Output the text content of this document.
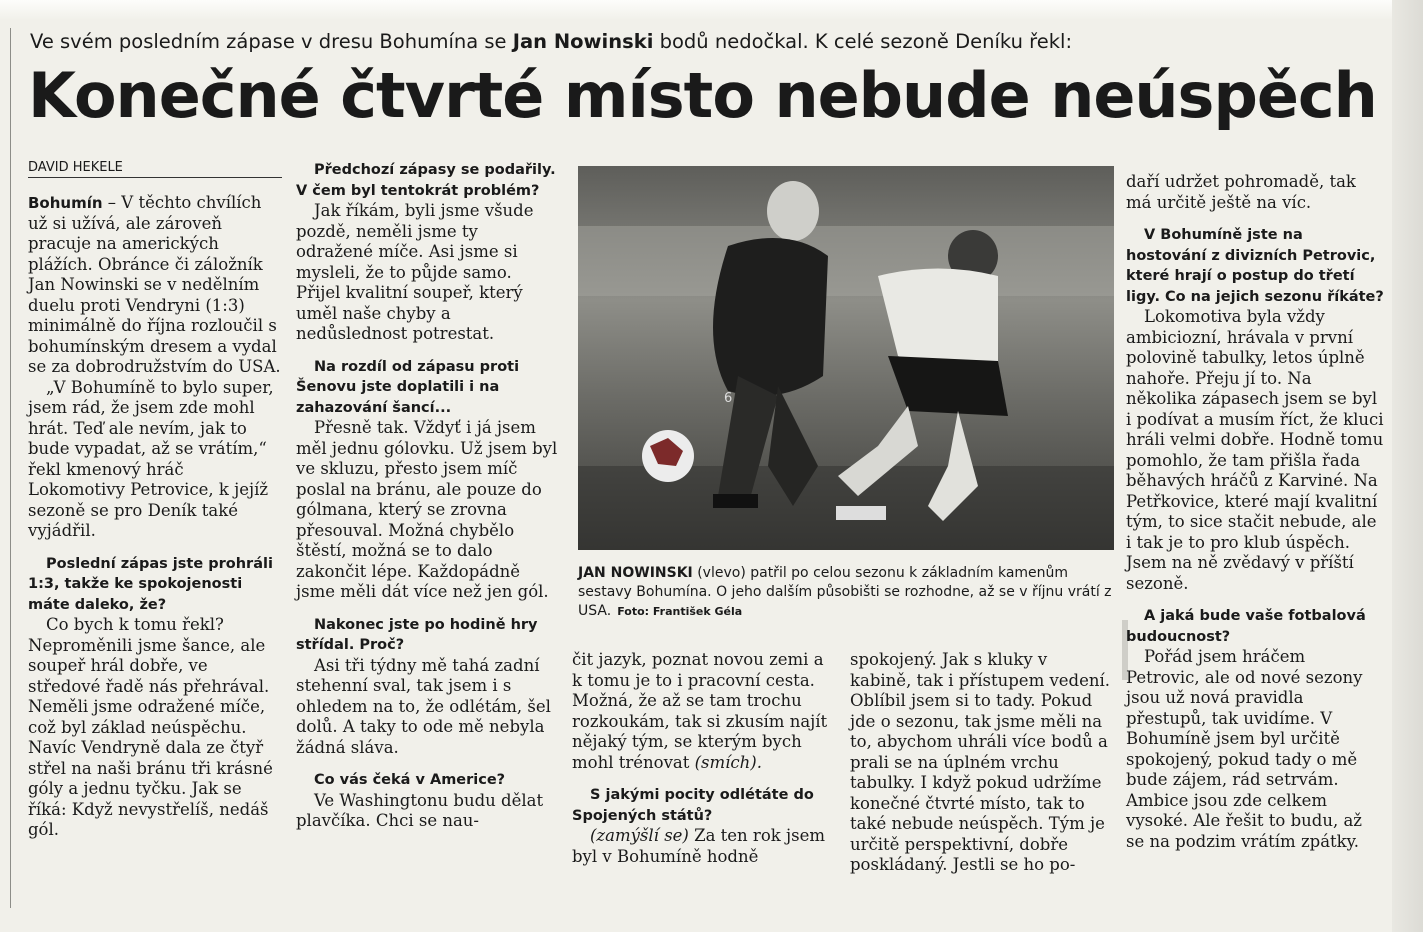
Ve svém posledním zápase v dresu Bohumína se Jan Nowinski bodů nedočkal. K celé sezoně Deníku řekl:
Konečné čtvrté místo nebude neúspěch
DAVID HEKELE

Bohumín – V těchto chvílích už si užívá, ale zároveň pracuje na amerických plážích. Obránce či záložník Jan Nowinski se v nedělním duelu proti Vendryni (1:3) minimálně do října rozloučil s bohumínským dresem a vydal se za dobrodružstvím do USA.

„V Bohumíně to bylo super, jsem rád, že jsem zde mohl hrát. Teď ale nevím, jak to bude vypadat, až se vrátím,“ řekl kmenový hráč Lokomotivy Petrovice, k jejíž sezoně se pro Deník také vyjádřil.

Poslední zápas jste prohráli 1:3, takže ke spokojenosti máte daleko, že?

Co bych k tomu řekl? Neproměnili jsme šance, ale soupeř hrál dobře, ve středové řadě nás přehrával. Neměli jsme odražené míče, což byl základ neúspěchu. Navíc Vendryně dala ze čtyř střel na naši bránu tři krásné góly a jednu tyčku. Jak se říká: Když nevystřelíš, nedáš gól.

Předchozí zápasy se podařily. V čem byl tentokrát problém?

Jak říkám, byli jsme všude pozdě, neměli jsme ty odražené míče. Asi jsme si mysleli, že to půjde samo. Přijel kvalitní soupeř, který uměl naše chyby a nedůslednost potrestat.

Na rozdíl od zápasu proti Šenovu jste doplatili i na zahazování šancí...

Přesně tak. Vždyť i já jsem měl jednu gólovku. Už jsem byl ve skluzu, přesto jsem míč poslal na bránu, ale pouze do gólmana, který se zrovna přesouval. Možná chybělo štěstí, možná se to dalo zakončit lépe. Každopádně jsme měli dát více než jen gól.

Nakonec jste po hodině hry střídal. Proč?

Asi tři týdny mě tahá zadní stehenní sval, tak jsem i s ohledem na to, že odlétám, šel dolů. A taky to ode mě nebyla žádná sláva.

Co vás čeká v Americe?

Ve Washingtonu budu dělat plavčíka. Chci se nau-

6
JAN NOWINSKI (vlevo) patřil po celou sezonu k základním kamenům sestavy Bohumína. O jeho dalším působišti se rozhodne, až se v říjnu vrátí z USA. Foto: František Géla

čit jazyk, poznat novou zemi a k tomu je to i pracovní cesta. Možná, že až se tam trochu rozkoukám, tak si zkusím najít nějaký tým, se kterým bych mohl trénovat (smích).

S jakými pocity odlétáte do Spojených států?

(zamýšlí se) Za ten rok jsem byl v Bohumíně hodně

spokojený. Jak s kluky v kabině, tak i přístupem vedení. Oblíbil jsem si to tady. Pokud jde o sezonu, tak jsme měli na to, abychom uhráli více bodů a prali se na úplném vrchu tabulky. I když pokud udržíme konečné čtvrté místo, tak to také nebude neúspěch. Tým je určitě perspektivní, dobře poskládaný. Jestli se ho po-

daří udržet pohromadě, tak má určitě ještě na víc.

V Bohumíně jste na hostování z divizních Petrovic, které hrají o postup do třetí ligy. Co na jejich sezonu říkáte?

Lokomotiva byla vždy ambiciozní, hrávala v první polovině tabulky, letos úplně nahoře. Přeju jí to. Na několika zápasech jsem se byl i podívat a musím říct, že kluci hráli velmi dobře. Hodně tomu pomohlo, že tam přišla řada běhavých hráčů z Karviné. Na Petřkovice, které mají kvalitní tým, to sice stačit nebude, ale i tak je to pro klub úspěch. Jsem na ně zvědavý v příští sezoně.

A jaká bude vaše fotbalová budoucnost?

Pořád jsem hráčem Petrovic, ale od nové sezony jsou už nová pravidla přestupů, tak uvidíme. V Bohumíně jsem byl určitě spokojený, pokud tady o mě bude zájem, rád setrvám. Ambice jsou zde celkem vysoké. Ale řešit to budu, až se na podzim vrátím zpátky.
